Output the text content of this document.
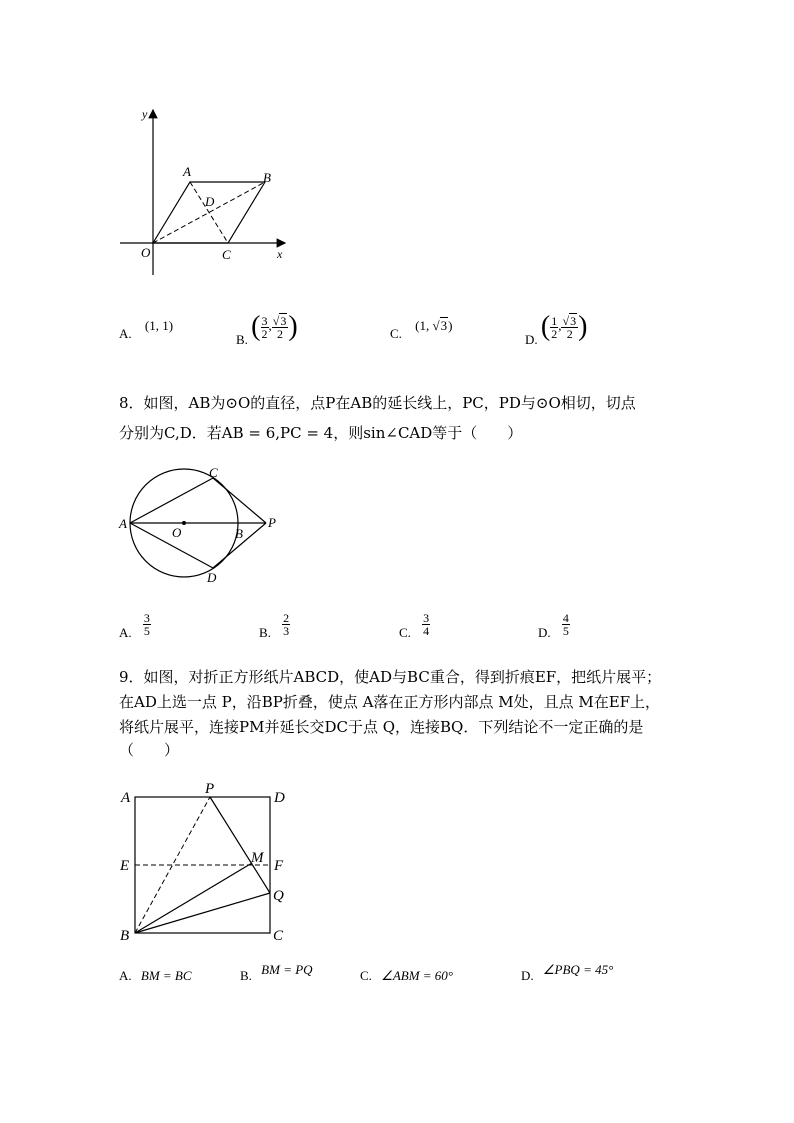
y
x
A	B
D
O	C
A. (1, 1)
B. ( $\frac{3}{2}$ , $\frac{√3}{2}$ )	C. (1, √3)
D. ( $\frac{1}{2}$ , $\frac{√3}{2}$ )
8．如图，AB为⊙O的直径，点P在AB的延长线上，PC，PD与⊙O相切，切点
分别为C,D．若AB = 6,PC = 4，则sin∠CAD等于（　　）
A
C
O	B
P
D
A. $\frac{3}{5}$	B. $\frac{2}{3}$	C. $\frac{3}{4}$	D. $\frac{4}{5}$
9．如图，对折正方形纸片ABCD，使AD与BC重合，得到折痕EF，把纸片展平；
在AD上选一点 P，沿BP折叠，使点 A落在正方形内部点 M处，且点 M在EF上，
将纸片展平，连接PM并延长交DC于点 Q，连接BQ．下列结论不一定正确的是
（　　）
A
P
D
E	M F
Q
B	C
A. BM = BC	B. BM = PQ	C. ∠ABM = 60°	D. ∠PBQ = 45°
